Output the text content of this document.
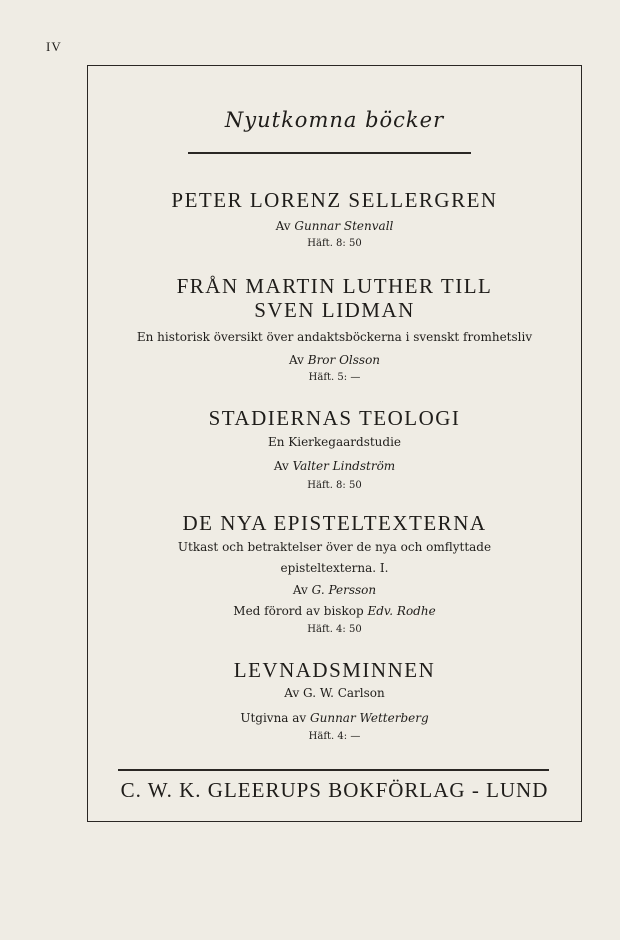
IV
Nyutkomna böcker
PETER LORENZ SELLERGREN
Av Gunnar Stenvall
Häft. 8: 50
FRÅN MARTIN LUTHER TILL
SVEN LIDMAN
En historisk översikt över andaktsböckerna i svenskt fromhetsliv
Av Bror Olsson
Häft. 5: —
STADIERNAS TEOLOGI
En Kierkegaardstudie
Av Valter Lindström
Häft. 8: 50
DE NYA EPISTELTEXTERNA
Utkast och betraktelser över de nya och omflyttade
episteltexterna. I.
Av G. Persson
Med förord av biskop Edv. Rodhe
Häft. 4: 50
LEVNADSMINNEN
Av G. W. Carlson
Utgivna av Gunnar Wetterberg
Häft. 4: —
C. W. K. GLEERUPS BOKFÖRLAG - LUND
